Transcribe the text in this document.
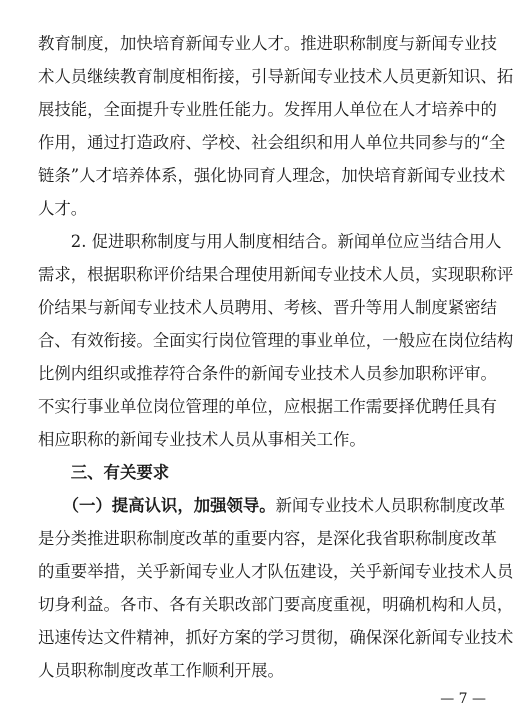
教育制度，加快培育新闻专业人才。推进职称制度与新闻专业技
术人员继续教育制度相衔接，引导新闻专业技术人员更新知识、拓
展技能，全面提升专业胜任能力。发挥用人单位在人才培养中的
作用，通过打造政府、学校、社会组织和用人单位共同参与的“全
链条”人才培养体系，强化协同育人理念，加快培育新闻专业技术
人才。
　　2. 促进职称制度与用人制度相结合。新闻单位应当结合用人
需求，根据职称评价结果合理使用新闻专业技术人员，实现职称评
价结果与新闻专业技术人员聘用、考核、晋升等用人制度紧密结
合、有效衔接。全面实行岗位管理的事业单位，一般应在岗位结构
比例内组织或推荐符合条件的新闻专业技术人员参加职称评审。
不实行事业单位岗位管理的单位，应根据工作需要择优聘任具有
相应职称的新闻专业技术人员从事相关工作。
　　三、有关要求
　　（一）提高认识，加强领导。新闻专业技术人员职称制度改革
是分类推进职称制度改革的重要内容，是深化我省职称制度改革
的重要举措，关乎新闻专业人才队伍建设，关乎新闻专业技术人员
切身利益。各市、各有关职改部门要高度重视，明确机构和人员，
迅速传达文件精神，抓好方案的学习贯彻，确保深化新闻专业技术
人员职称制度改革工作顺利开展。
— 7 —
